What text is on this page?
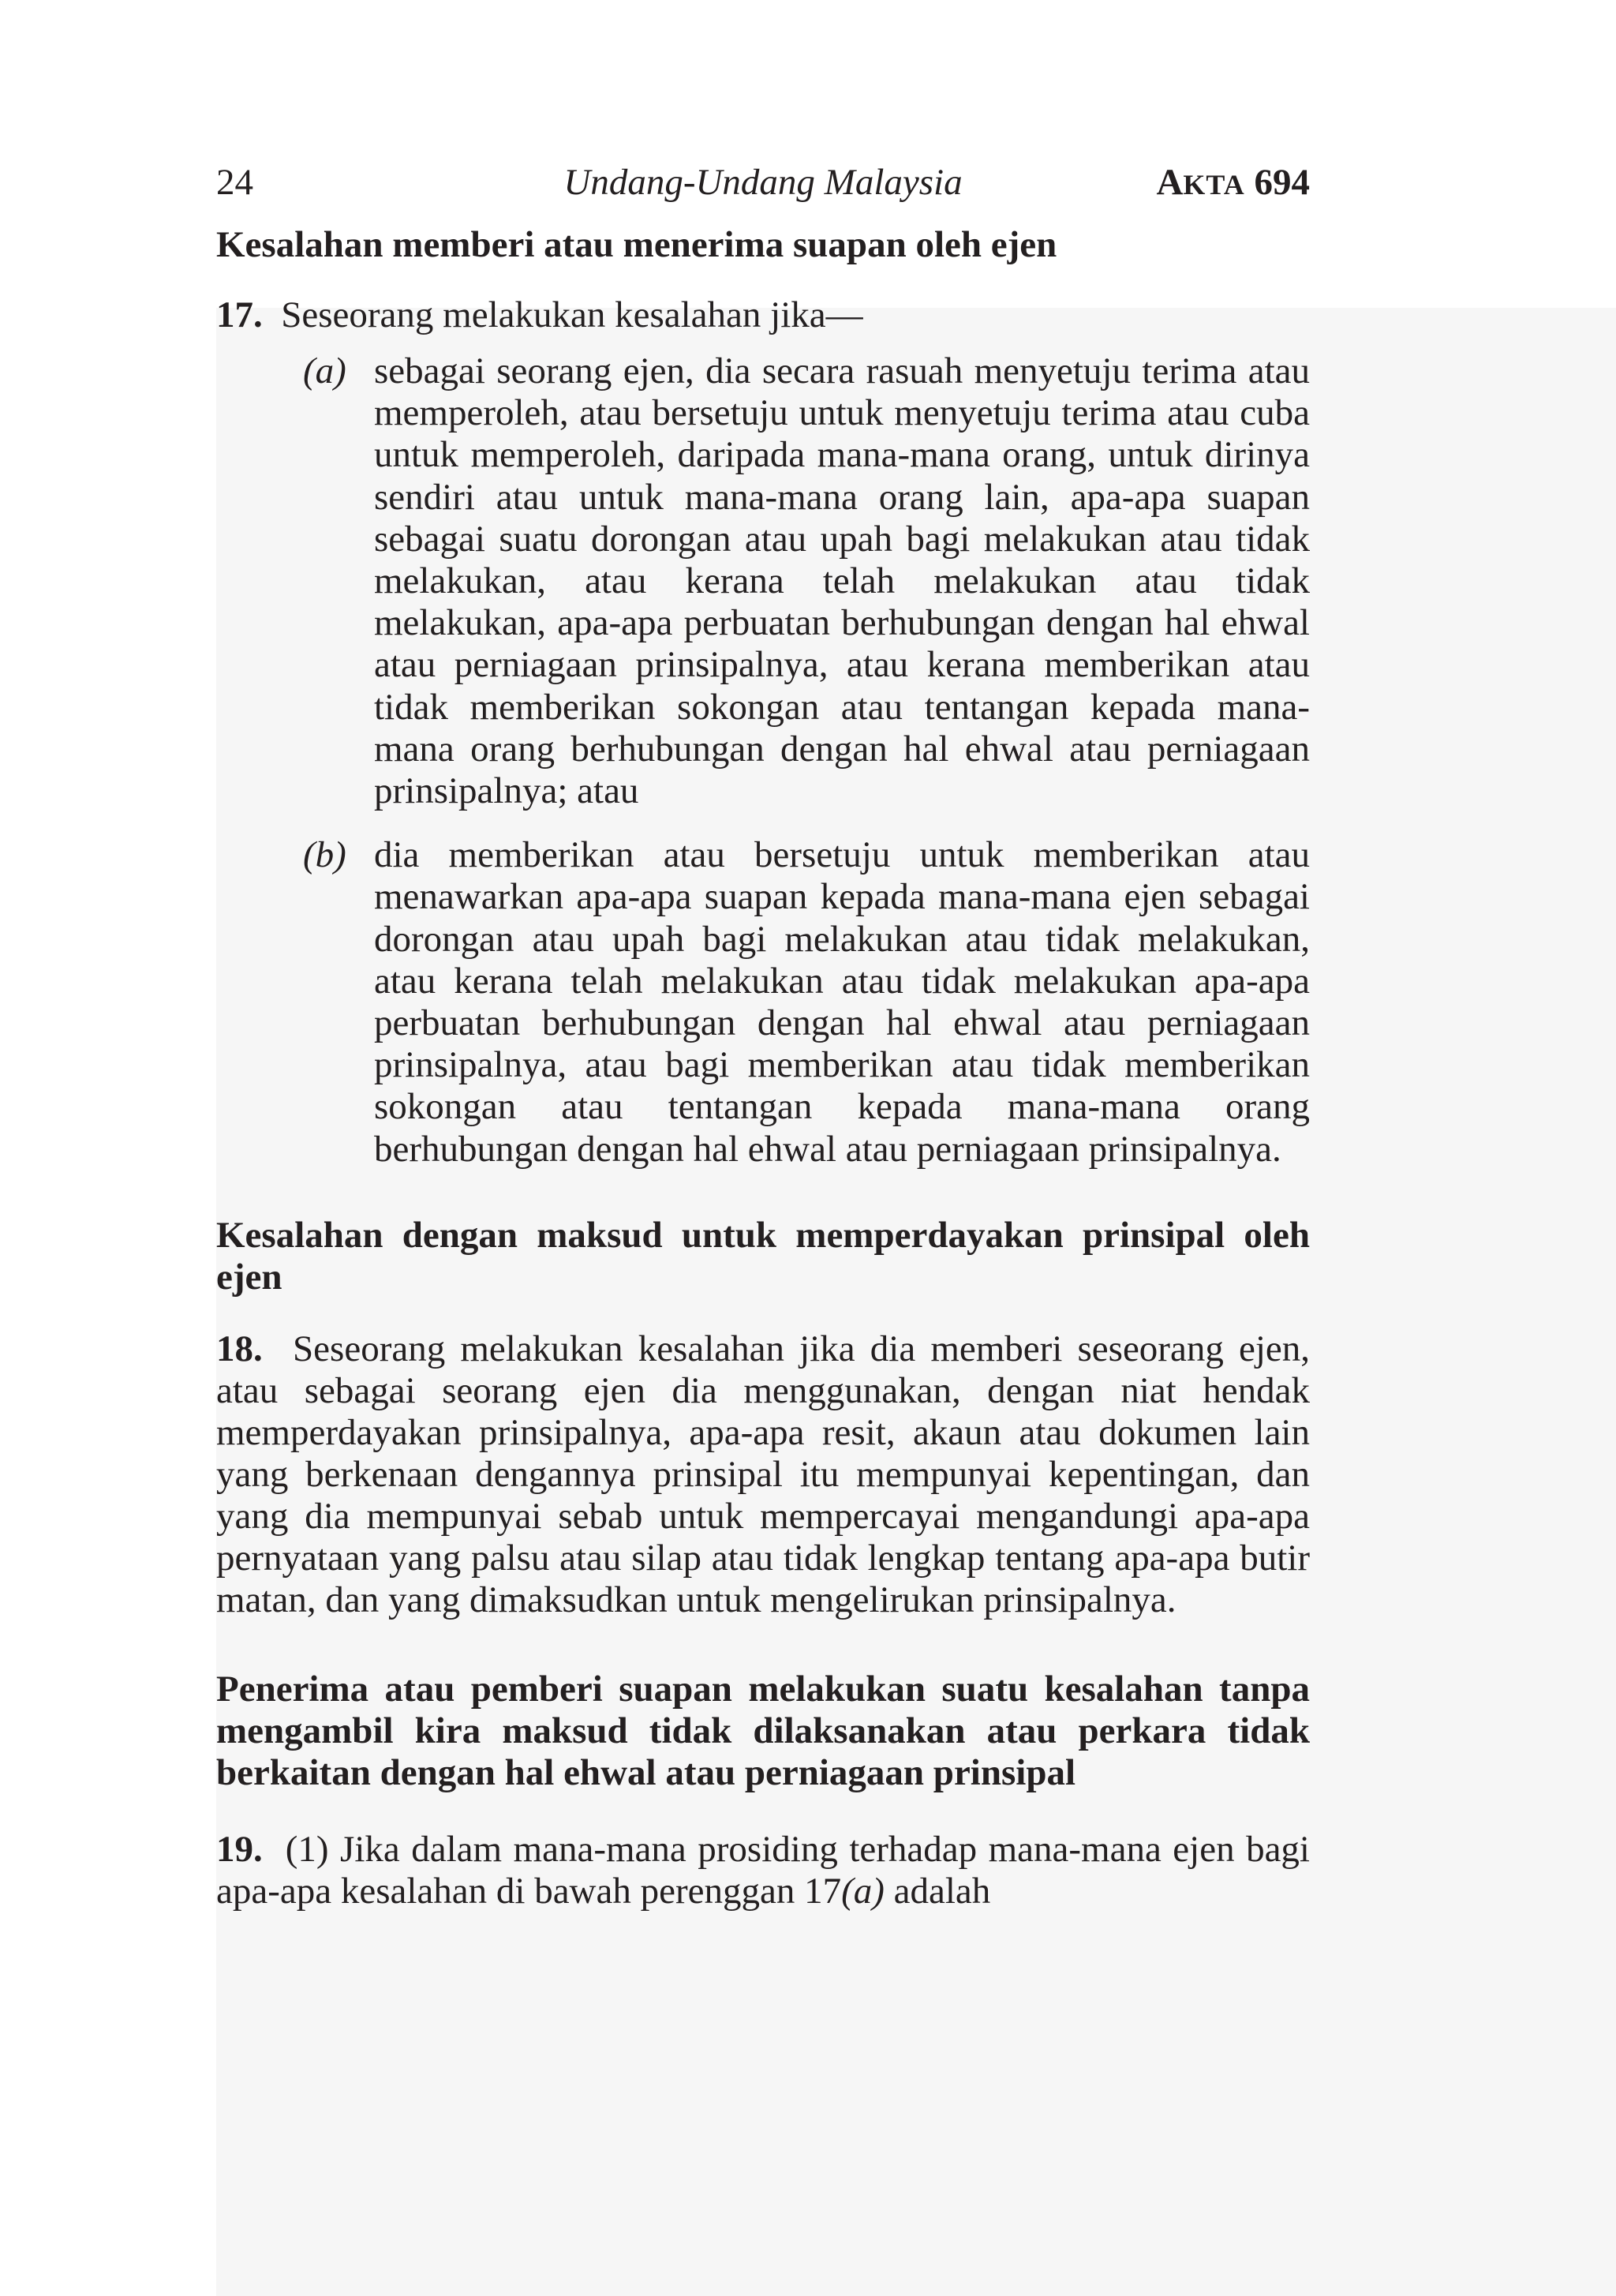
24	Undang-Undang Malaysia	AKTA 694
Kesalahan memberi atau menerima suapan oleh ejen
17. Seseorang melakukan kesalahan jika—
(a) sebagai seorang ejen, dia secara rasuah menyetuju terima atau memperoleh, atau bersetuju untuk menyetuju terima atau cuba untuk memperoleh, daripada mana-mana orang, untuk dirinya sendiri atau untuk mana-mana orang lain, apa-apa suapan sebagai suatu dorongan atau upah bagi melakukan atau tidak melakukan, atau kerana telah melakukan atau tidak melakukan, apa-apa perbuatan berhubungan dengan hal ehwal atau perniagaan prinsipalnya, atau kerana memberikan atau tidak memberikan sokongan atau tentangan kepada mana-mana orang berhubungan dengan hal ehwal atau perniagaan prinsipalnya; atau
(b) dia memberikan atau bersetuju untuk memberikan atau menawarkan apa-apa suapan kepada mana-mana ejen sebagai dorongan atau upah bagi melakukan atau tidak melakukan, atau kerana telah melakukan atau tidak melakukan apa-apa perbuatan berhubungan dengan hal ehwal atau perniagaan prinsipalnya, atau bagi memberikan atau tidak memberikan sokongan atau tentangan kepada mana-mana orang berhubungan dengan hal ehwal atau perniagaan prinsipalnya.
Kesalahan dengan maksud untuk memperdayakan prinsipal oleh ejen
18. Seseorang melakukan kesalahan jika dia memberi seseorang ejen, atau sebagai seorang ejen dia menggunakan, dengan niat hendak memperdayakan prinsipalnya, apa-apa resit, akaun atau dokumen lain yang berkenaan dengannya prinsipal itu mempunyai kepentingan, dan yang dia mempunyai sebab untuk mempercayai mengandungi apa-apa pernyataan yang palsu atau silap atau tidak lengkap tentang apa-apa butir matan, dan yang dimaksudkan untuk mengelirukan prinsipalnya.
Penerima atau pemberi suapan melakukan suatu kesalahan tanpa mengambil kira maksud tidak dilaksanakan atau perkara tidak berkaitan dengan hal ehwal atau perniagaan prinsipal
19. (1) Jika dalam mana-mana prosiding terhadap mana-mana ejen bagi apa-apa kesalahan di bawah perenggan 17(a) adalah
